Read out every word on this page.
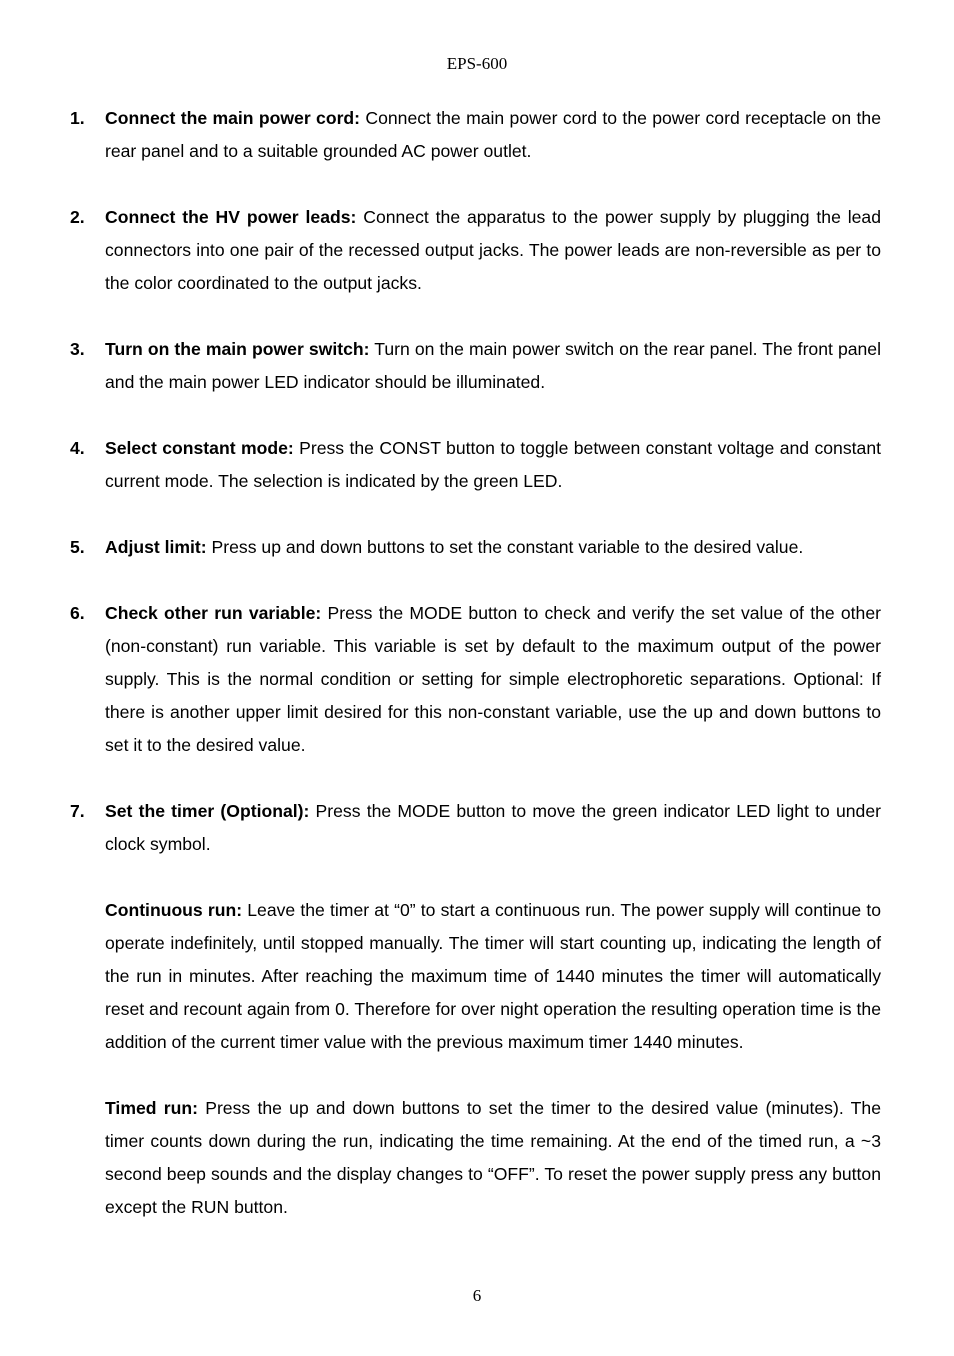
EPS-600
1. Connect the main power cord: Connect the main power cord to the power cord receptacle on the rear panel and to a suitable grounded AC power outlet.
2. Connect the HV power leads: Connect the apparatus to the power supply by plugging the lead connectors into one pair of the recessed output jacks. The power leads are non-reversible as per to the color coordinated to the output jacks.
3. Turn on the main power switch: Turn on the main power switch on the rear panel. The front panel and the main power LED indicator should be illuminated.
4. Select constant mode: Press the CONST button to toggle between constant voltage and constant current mode. The selection is indicated by the green LED.
5. Adjust limit: Press up and down buttons to set the constant variable to the desired value.
6. Check other run variable: Press the MODE button to check and verify the set value of the other (non-constant) run variable. This variable is set by default to the maximum output of the power supply. This is the normal condition or setting for simple electrophoretic separations. Optional: If there is another upper limit desired for this non-constant variable, use the up and down buttons to set it to the desired value.
7. Set the timer (Optional): Press the MODE button to move the green indicator LED light to under clock symbol.
Continuous run: Leave the timer at “0” to start a continuous run. The power supply will continue to operate indefinitely, until stopped manually. The timer will start counting up, indicating the length of the run in minutes. After reaching the maximum time of 1440 minutes the timer will automatically reset and recount again from 0. Therefore for over night operation the resulting operation time is the addition of the current timer value with the previous maximum timer 1440 minutes.
Timed run: Press the up and down buttons to set the timer to the desired value (minutes). The timer counts down during the run, indicating the time remaining. At the end of the timed run, a ~3 second beep sounds and the display changes to “OFF”. To reset the power supply press any button except the RUN button.
6
